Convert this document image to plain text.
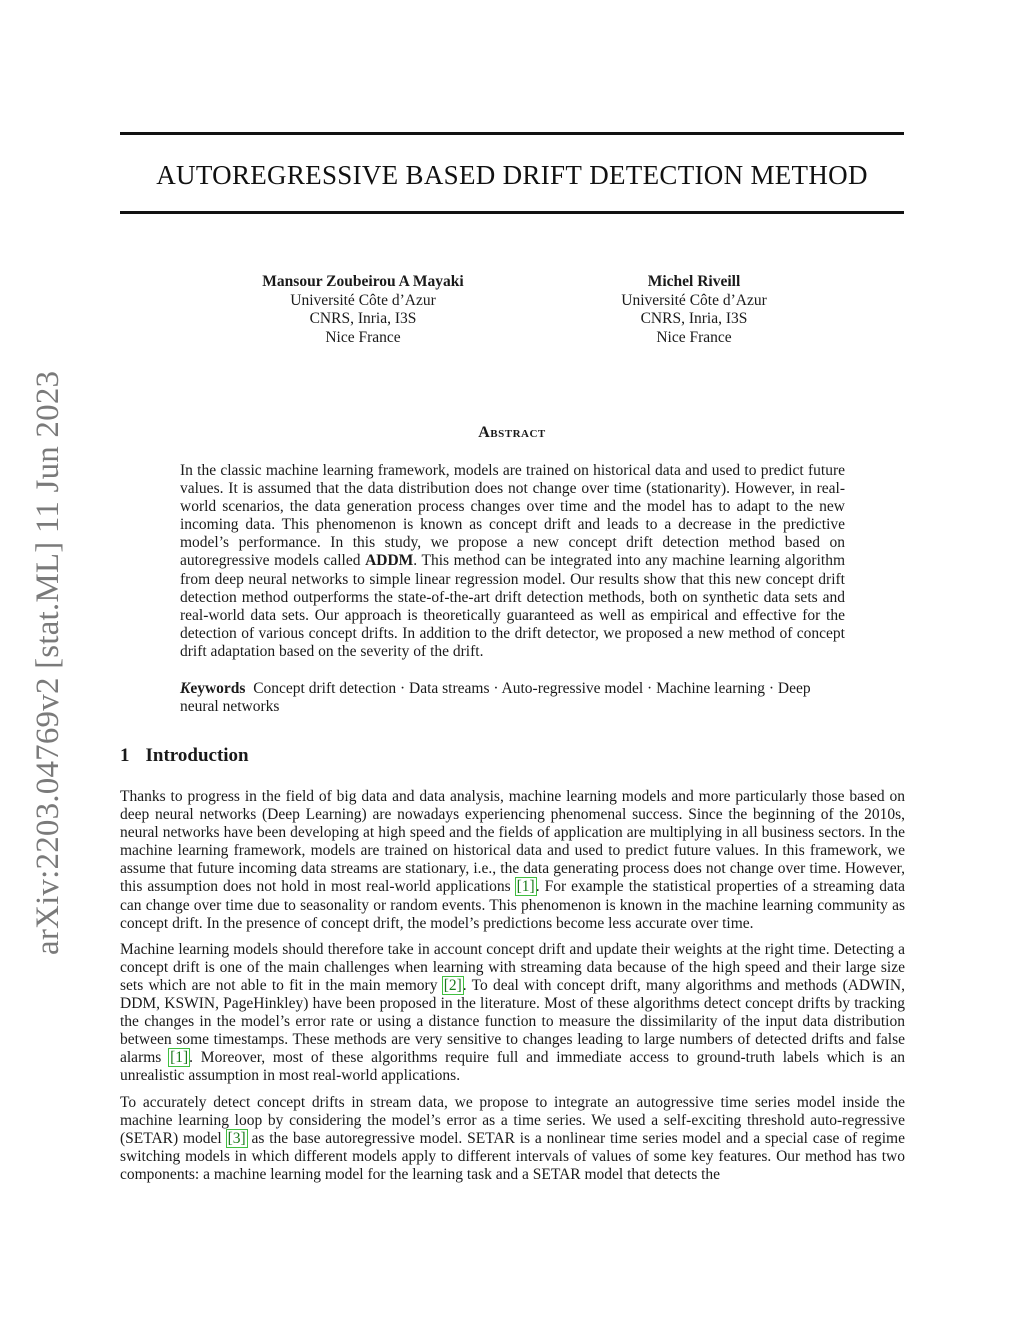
arXiv:2203.04769v2 [stat.ML] 11 Jun 2023
AUTOREGRESSIVE BASED DRIFT DETECTION METHOD
Mansour Zoubeirou A Mayaki
Université Côte d’Azur
CNRS, Inria, I3S
Nice France
Michel Riveill
Université Côte d’Azur
CNRS, Inria, I3S
Nice France
Abstract
In the classic machine learning framework, models are trained on historical data and used to predict future values. It is assumed that the data distribution does not change over time (stationarity). However, in real-world scenarios, the data generation process changes over time and the model has to adapt to the new incoming data. This phenomenon is known as concept drift and leads to a decrease in the predictive model’s performance. In this study, we propose a new concept drift detection method based on autoregressive models called ADDM. This method can be integrated into any machine learning algorithm from deep neural networks to simple linear regression model. Our results show that this new concept drift detection method outperforms the state-of-the-art drift detection methods, both on synthetic data sets and real-world data sets. Our approach is theoretically guaranteed as well as empirical and effective for the detection of various concept drifts. In addition to the drift detector, we proposed a new method of concept drift adaptation based on the severity of the drift.
Keywords Concept drift detection · Data streams · Auto-regressive model · Machine learning · Deep neural networks
1 Introduction

Thanks to progress in the field of big data and data analysis, machine learning models and more particularly those based on deep neural networks (Deep Learning) are nowadays experiencing phenomenal success. Since the beginning of the 2010s, neural networks have been developing at high speed and the fields of application are multiplying in all business sectors. In the machine learning framework, models are trained on historical data and used to predict future values. In this framework, we assume that future incoming data streams are stationary, i.e., the data generating process does not change over time. However, this assumption does not hold in most real-world applications [1]. For example the statistical properties of a streaming data can change over time due to seasonality or random events. This phenomenon is known in the machine learning community as concept drift. In the presence of concept drift, the model’s predictions become less accurate over time.

Machine learning models should therefore take in account concept drift and update their weights at the right time. Detecting a concept drift is one of the main challenges when learning with streaming data because of the high speed and their large size sets which are not able to fit in the main memory [2]. To deal with concept drift, many algorithms and methods (ADWIN, DDM, KSWIN, PageHinkley) have been proposed in the literature. Most of these algorithms detect concept drifts by tracking the changes in the model’s error rate or using a distance function to measure the dissimilarity of the input data distribution between some timestamps. These methods are very sensitive to changes leading to large numbers of detected drifts and false alarms [1]. Moreover, most of these algorithms require full and immediate access to ground-truth labels which is an unrealistic assumption in most real-world applications.

To accurately detect concept drifts in stream data, we propose to integrate an autogressive time series model inside the machine learning loop by considering the model’s error as a time series. We used a self-exciting threshold auto-regressive (SETAR) model [3] as the base autoregressive model. SETAR is a nonlinear time series model and a special case of regime switching models in which different models apply to different intervals of values of some key features. Our method has two components: a machine learning model for the learning task and a SETAR model that detects the
